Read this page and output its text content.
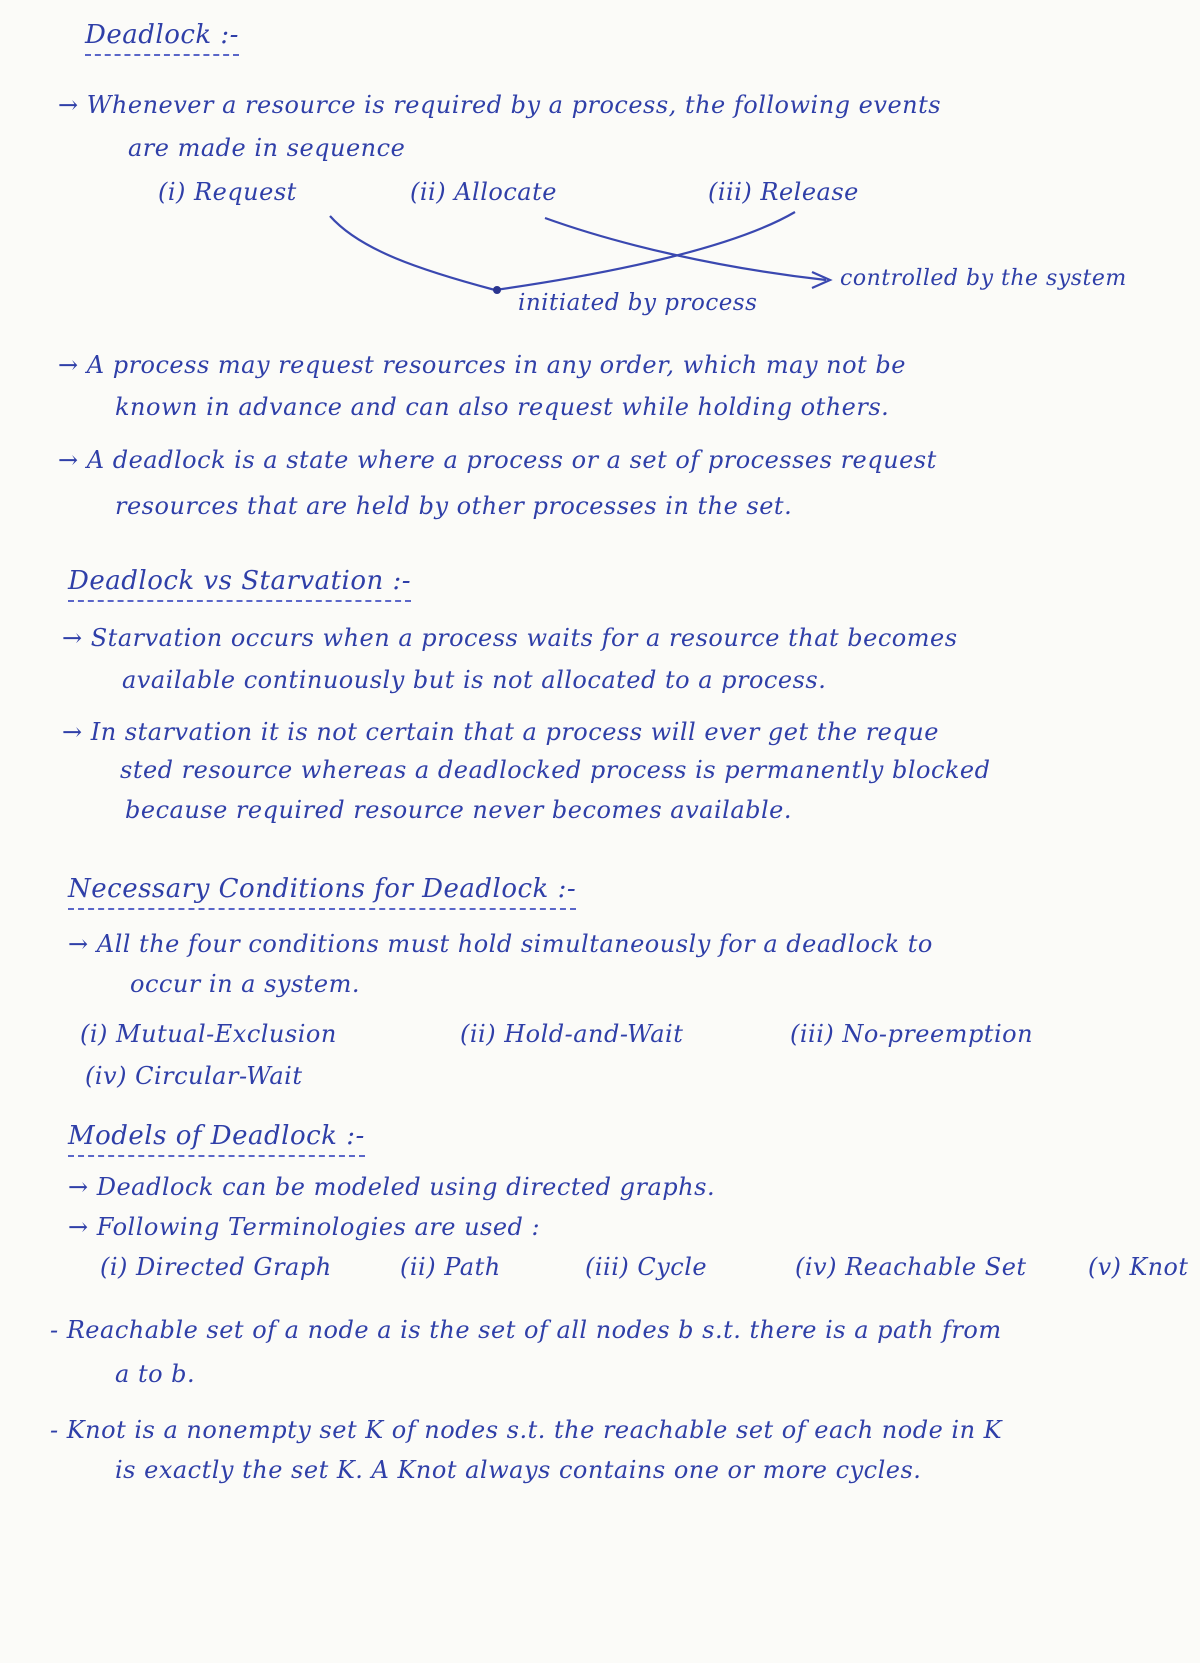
Deadlock :-
→ Whenever a resource is required by a process, the following events
are made in sequence
(i) Request	(ii) Allocate	(iii) Release
initiated by process
controlled by the system
→ A process may request resources in any order, which may not be
known in advance and can also request while holding others.
→ A deadlock is a state where a process or a set of processes request
resources that are held by other processes in the set.
Deadlock vs Starvation :-
→ Starvation occurs when a process waits for a resource that becomes
available continuously but is not allocated to a process.
→ In starvation it is not certain that a process will ever get the reque
sted resource whereas a deadlocked process is permanently blocked
because required resource never becomes available.
Necessary Conditions for Deadlock :-
→ All the four conditions must hold simultaneously for a deadlock to
occur in a system.
(i) Mutual-Exclusion	(ii) Hold-and-Wait	(iii) No-preemption
(iv) Circular-Wait
Models of Deadlock :-
→ Deadlock can be modeled using directed graphs.
→ Following Terminologies are used :
(i) Directed Graph	(ii) Path	(iii) Cycle	(iv) Reachable Set	(v) Knot
- Reachable set of a node a is the set of all nodes b s.t. there is a path from
a to b.
- Knot is a nonempty set K of nodes s.t. the reachable set of each node in K
is exactly the set K. A Knot always contains one or more cycles.
